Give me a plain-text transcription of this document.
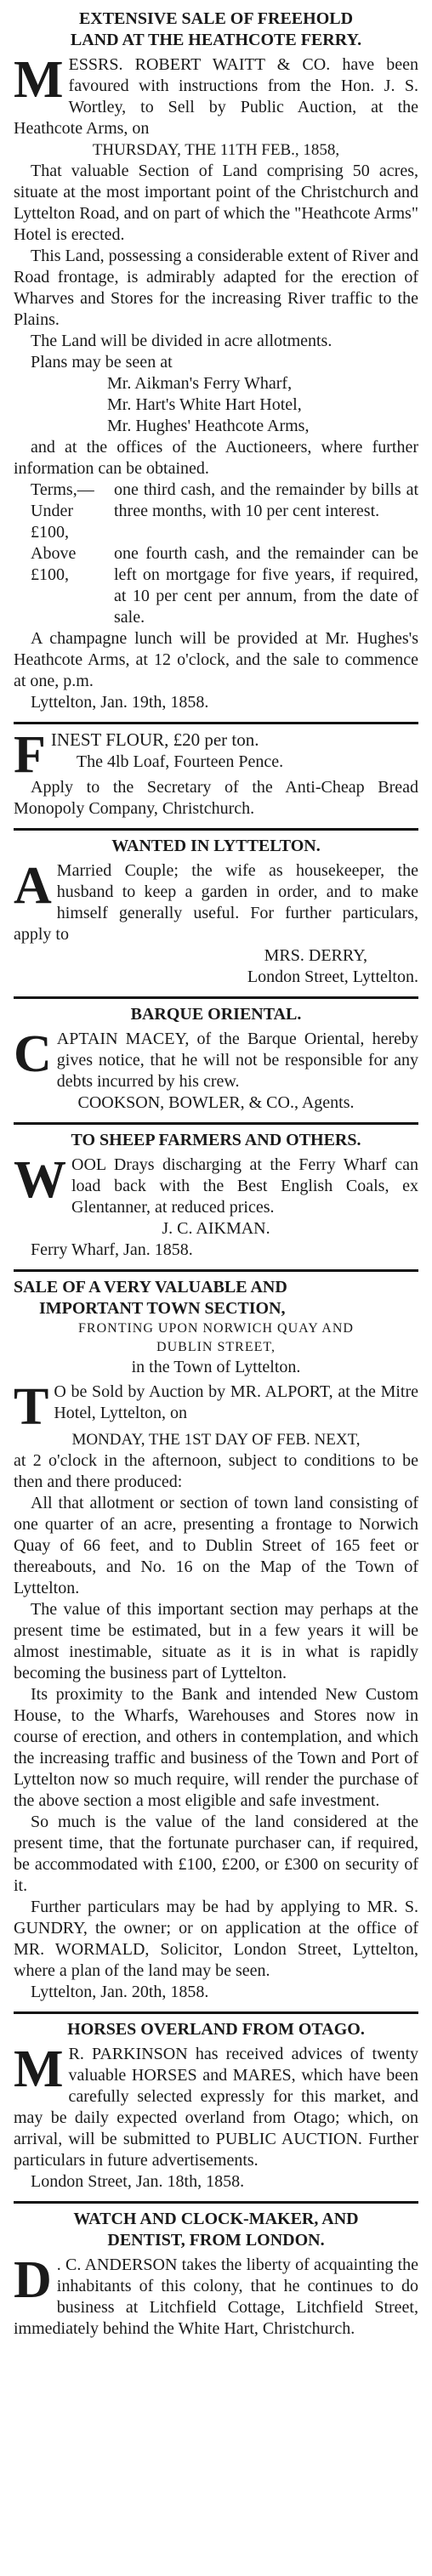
EXTENSIVE SALE OF FREEHOLD
LAND AT THE HEATHCOTE FERRY.

MESSRS. ROBERT WAITT & CO. have been favoured with instructions from the Hon. J. S. Wortley, to Sell by Public Auction, at the Heathcote Arms, on

THURSDAY, THE 11TH FEB., 1858,

That valuable Section of Land comprising 50 acres, situate at the most important point of the Christchurch and Lyttelton Road, and on part of which the "Heathcote Arms" Hotel is erected.

This Land, possessing a considerable extent of River and Road frontage, is admirably adapted for the erection of Wharves and Stores for the increasing River traffic to the Plains.

The Land will be divided in acre allotments.

Plans may be seen at

Mr. Aikman's Ferry Wharf,
Mr. Hart's White Hart Hotel,
Mr. Hughes' Heathcote Arms,

and at the offices of the Auctioneers, where further information can be obtained.

Terms,—Under £100,
one third cash, and the remainder by bills at three months, with 10 per cent interest.
Above £100,
one fourth cash, and the remainder can be left on mortgage for five years, if required, at 10 per cent per annum, from the date of sale.

A champagne lunch will be provided at Mr. Hughes's Heathcote Arms, at 12 o'clock, and the sale to commence at one, p.m.

Lyttelton, Jan. 19th, 1858.

FINEST FLOUR, £20 per ton.
The 4lb Loaf, Fourteen Pence.

Apply to the Secretary of the Anti-Cheap Bread Monopoly Company, Christchurch.

WANTED IN LYTTELTON.

A Married Couple; the wife as housekeeper, the husband to keep a garden in order, and to make himself generally useful. For further particulars, apply to

MRS. DERRY,
London Street, Lyttelton.
BARQUE ORIENTAL.

CAPTAIN MACEY, of the Barque Oriental, hereby gives notice, that he will not be responsible for any debts incurred by his crew.

COOKSON, BOWLER, & CO., Agents.
TO SHEEP FARMERS AND OTHERS.

WOOL Drays discharging at the Ferry Wharf can load back with the Best English Coals, ex Glentanner, at reduced prices.

J. C. AIKMAN.

Ferry Wharf, Jan. 1858.

SALE OF A VERY VALUABLE AND
IMPORTANT TOWN SECTION,
FRONTING UPON NORWICH QUAY AND
DUBLIN STREET,
in the Town of Lyttelton.

T O be Sold by Auction by MR. ALPORT, at the Mitre Hotel, Lyttelton, on

MONDAY, THE 1ST DAY OF FEB. NEXT,

at 2 o'clock in the afternoon, subject to conditions to be then and there produced:

All that allotment or section of town land consisting of one quarter of an acre, presenting a frontage to Norwich Quay of 66 feet, and to Dublin Street of 165 feet or thereabouts, and No. 16 on the Map of the Town of Lyttelton.

The value of this important section may perhaps at the present time be estimated, but in a few years it will be almost inestimable, situate as it is in what is rapidly becoming the business part of Lyttelton.

Its proximity to the Bank and intended New Custom House, to the Wharfs, Warehouses and Stores now in course of erection, and others in contemplation, and which the increasing traffic and business of the Town and Port of Lyttelton now so much require, will render the purchase of the above section a most eligible and safe investment.

So much is the value of the land considered at the present time, that the fortunate purchaser can, if required, be accommodated with £100, £200, or £300 on security of it.

Further particulars may be had by applying to MR. S. GUNDRY, the owner; or on application at the office of MR. WORMALD, Solicitor, London Street, Lyttelton, where a plan of the land may be seen.

Lyttelton, Jan. 20th, 1858.

HORSES OVERLAND FROM OTAGO.

M R. PARKINSON has received advices of twenty valuable HORSES and MARES, which have been carefully selected expressly for this market, and may be daily expected overland from Otago; which, on arrival, will be submitted to PUBLIC AUCTION. Further particulars in future advertisements.

London Street, Jan. 18th, 1858.

WATCH AND CLOCK-MAKER, AND
DENTIST, FROM LONDON.

D . C. ANDERSON takes the liberty of acquainting the inhabitants of this colony, that he continues to do business at Litchfield Cottage, Litchfield Street, immediately behind the White Hart, Christchurch.
